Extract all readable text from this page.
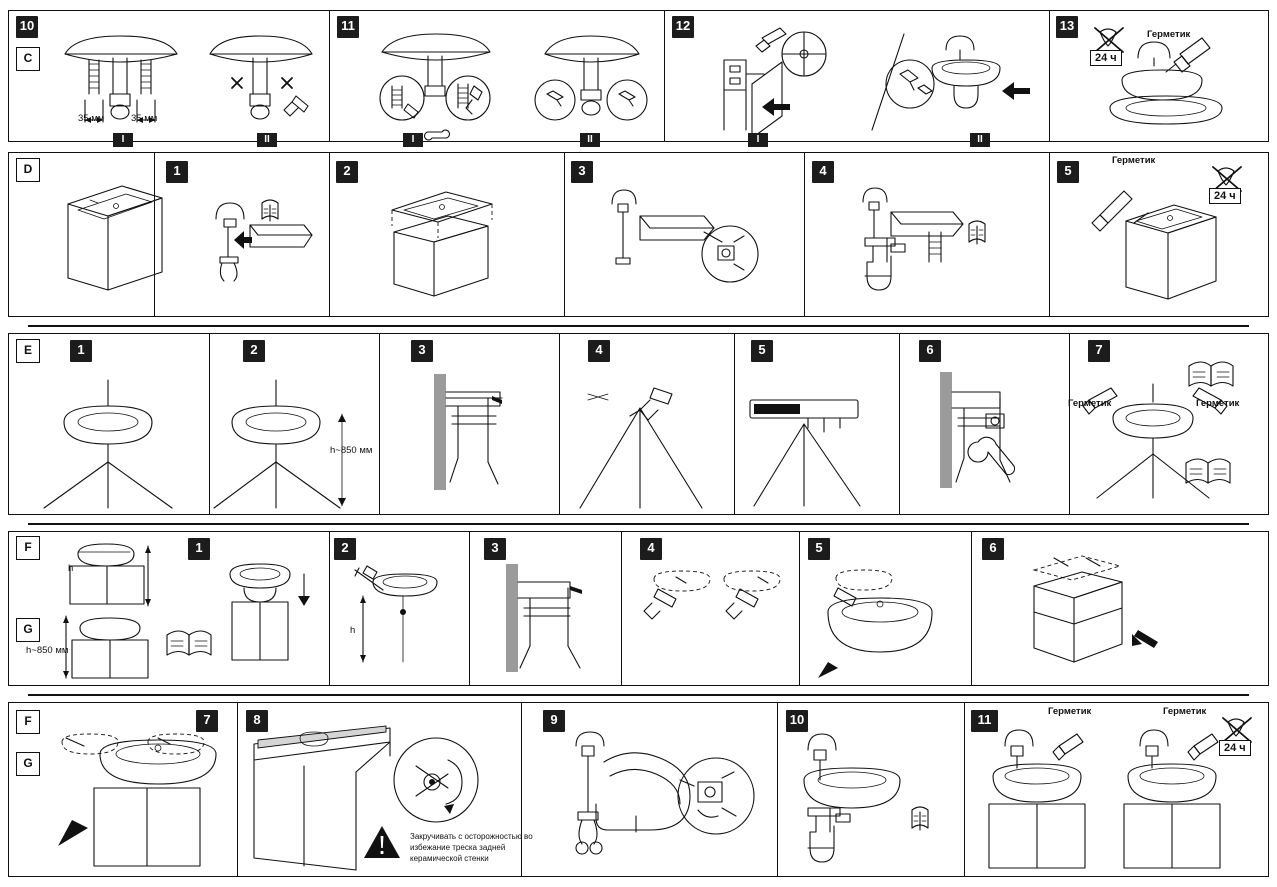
10
C
35 мм	35 мм
I	II
11
I	II
12
I	II
13
Герметик
24 ч
D	1	2	3	4	5
Герметик
24 ч
E	1	2
h~850 мм
3	4	5	6	7
Герметик	Герметик
F
G
h
h~850 мм
1	2
h
3	4	5	6
F
G
7	8
Закручивать с осторожностью во избежание треска задней керамической стенки
9	10	11
Герметик	Герметик
24 ч
